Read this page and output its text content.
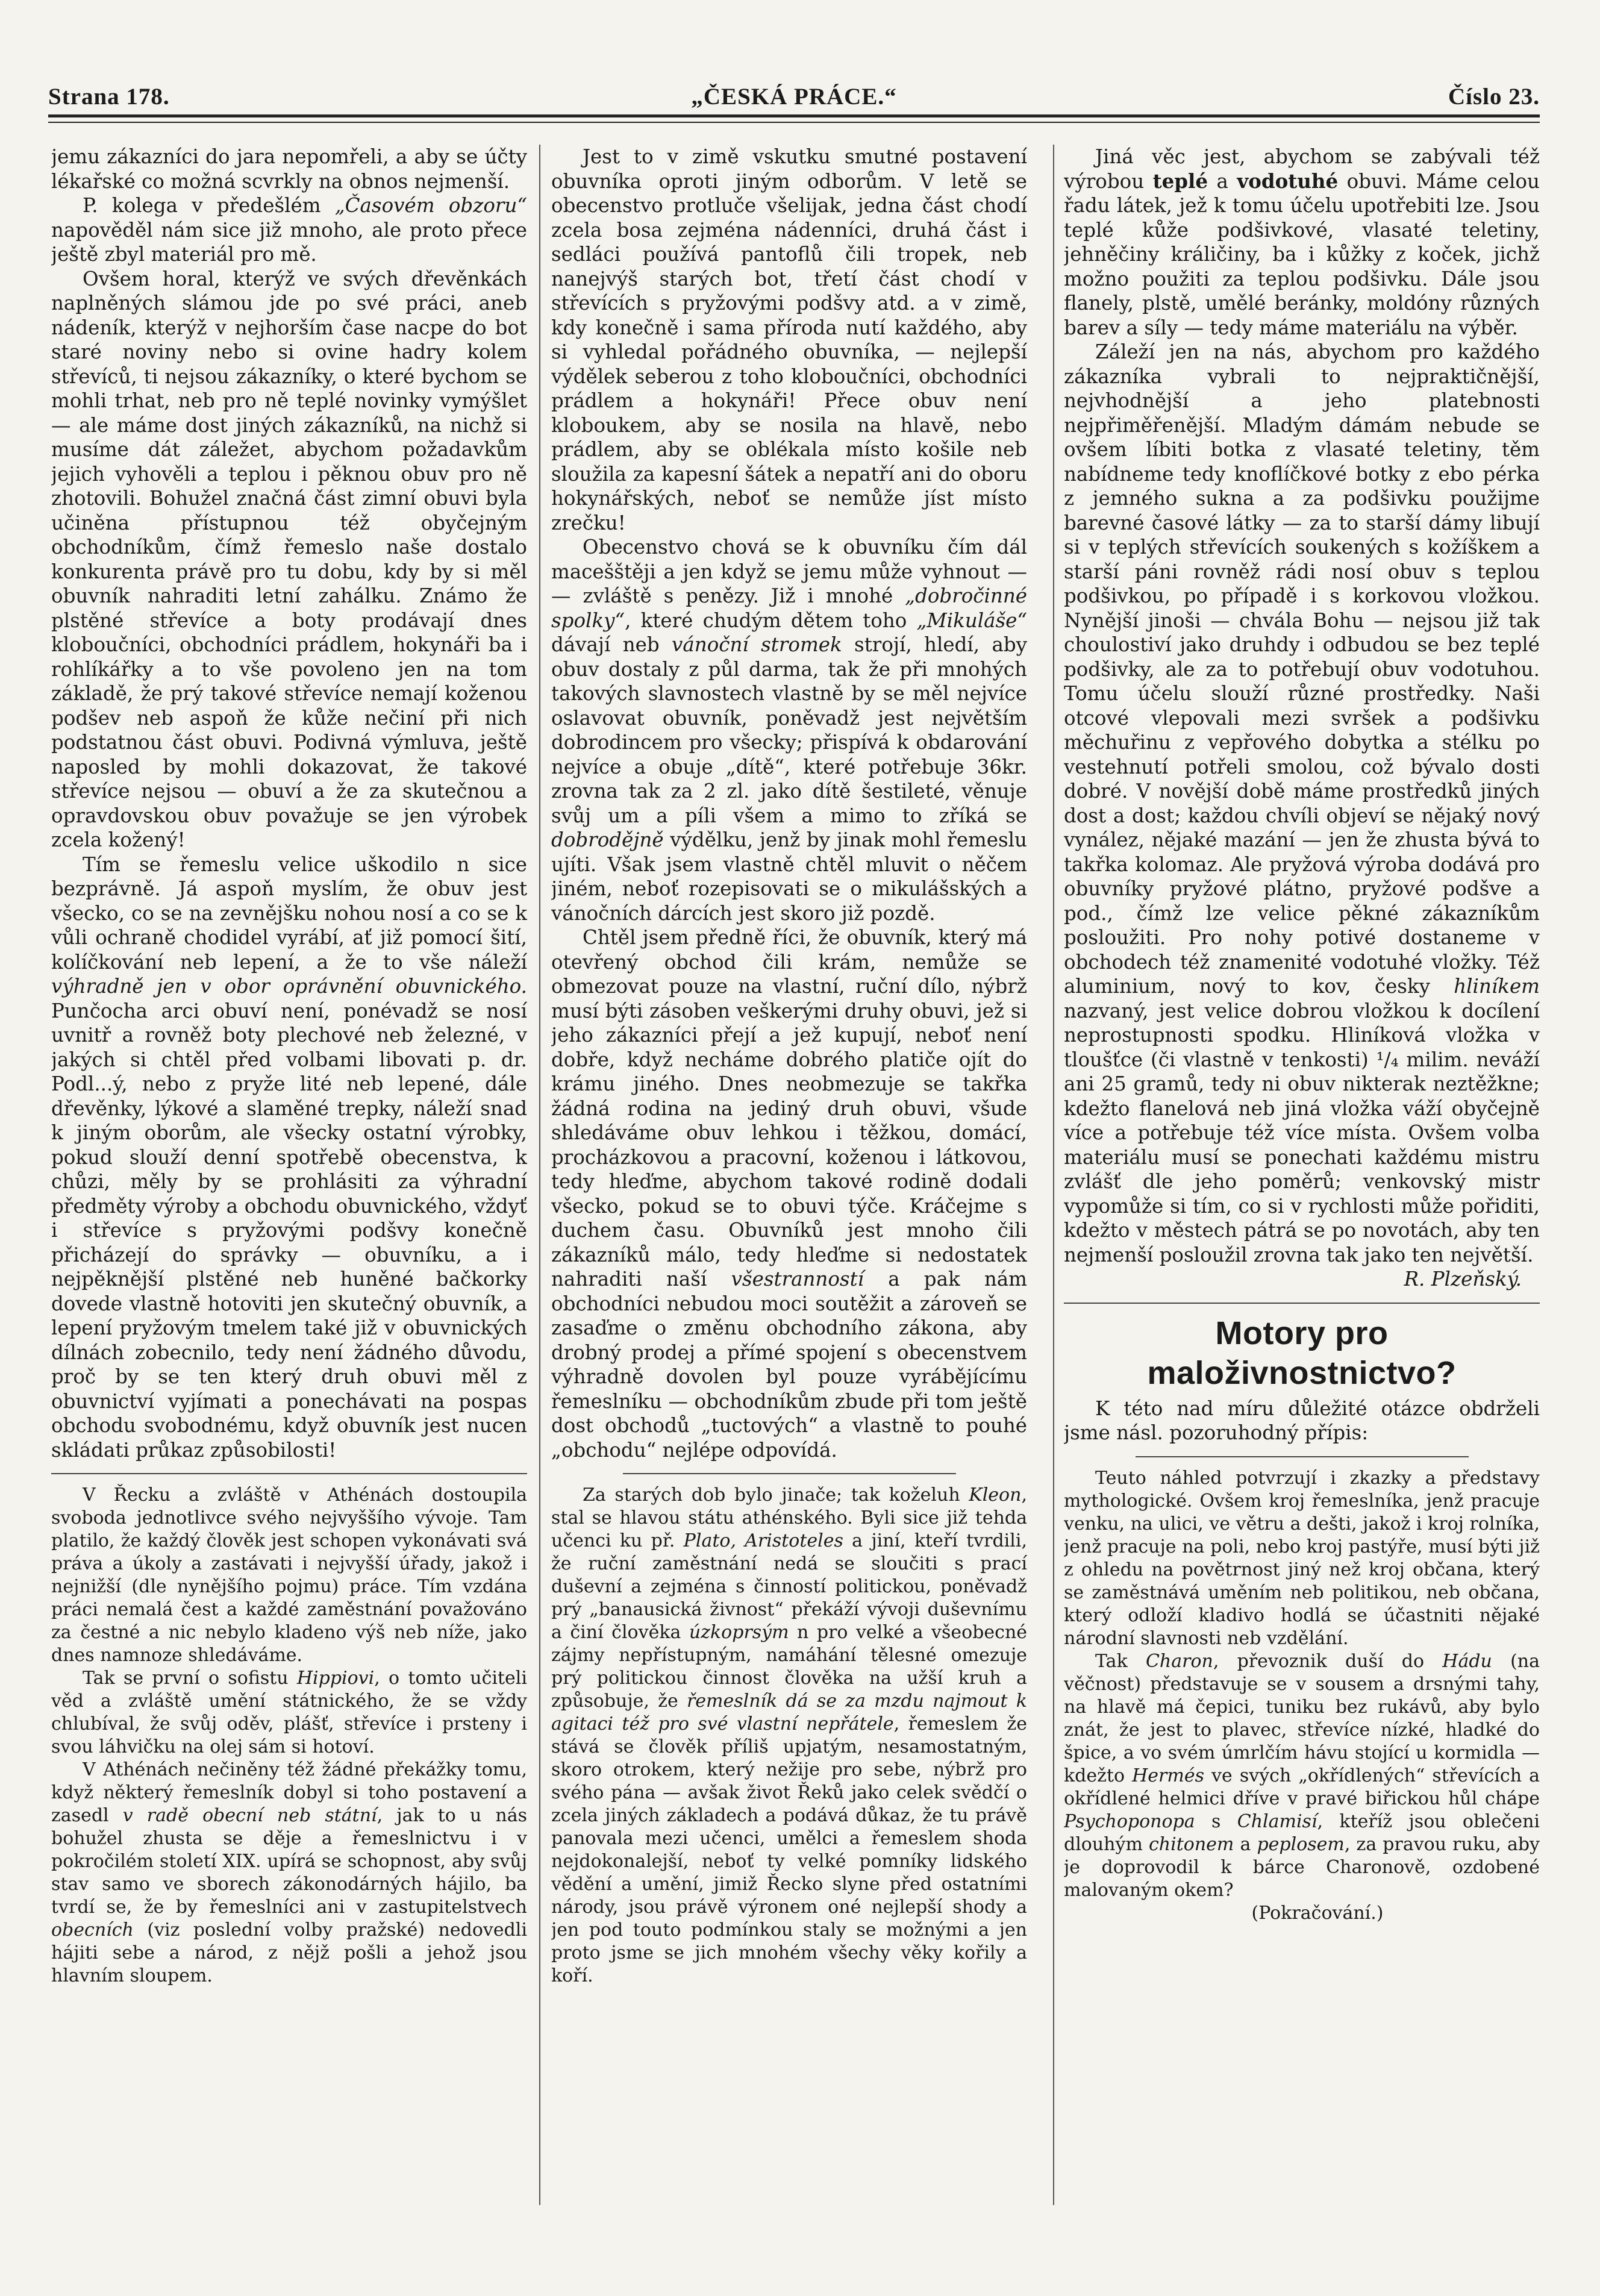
Strana 178.	„ČESKÁ PRÁCE.“	Číslo 23.

jemu zákazníci do jara nepomřeli, a aby se účty lékařské co možná scvrkly na obnos nejmenší.

P. kolega v předešlém „Časovém obzoru“ napověděl nám sice již mnoho, ale proto přece ještě zbyl materiál pro mě.

Ovšem horal, kterýž ve svých dřevěnkách naplněných slámou jde po své práci, aneb nádeník, kterýž v nejhorším čase nacpe do bot staré noviny nebo si ovine hadry kolem střevíců, ti nejsou zákazníky, o které bychom se mohli trhat, neb pro ně teplé novinky vymýšlet — ale máme dost jiných zákazníků, na nichž si musíme dát záležet, abychom požadavkům jejich vyhověli a teplou i pěknou obuv pro ně zhotovili. Bohužel značná část zimní obuvi byla učiněna přístupnou též obyčejným obchodníkům, čímž řemeslo naše dostalo konkurenta právě pro tu dobu, kdy by si měl obuvník nahraditi letní zahálku. Známo že plstěné střevíce a boty prodávají dnes kloboučníci, obchodníci prádlem, hokynáři ba i rohlíkářky a to vše povoleno jen na tom základě, že prý takové střevíce nemají koženou podšev neb aspoň že kůže nečiní při nich podstatnou část obuvi. Podivná výmluva, ještě naposled by mohli dokazovat, že takové střevíce nejsou — obuví a že za skutečnou a opravdovskou obuv považuje se jen výrobek zcela kožený!

Tím se řemeslu velice uškodilo n sice bezprávně. Já aspoň myslím, že obuv jest všecko, co se na zevnějšku nohou nosí a co se k vůli ochraně chodidel vyrábí, ať již pomocí šití, kolíčkování neb lepení, a že to vše náleží výhradně jen v obor oprávnění obuvnického. Punčocha arci obuví není, ponévadž se nosí uvnitř a rovněž boty plechové neb železné, v jakých si chtěl před volbami libovati p. dr. Podl...ý, nebo z pryže lité neb lepené, dále dřevěnky, lýkové a slaměné trepky, náleží snad k jiným oborům, ale všecky ostatní výrobky, pokud slouží denní spotřebě obecenstva, k chůzi, měly by se prohlásiti za výhradní předměty výroby a obchodu obuvnického, vždyť i střevíce s pryžovými podšvy konečně přicházejí do správky — obuvníku, a i nejpěknější plstěné neb huněné bačkorky dovede vlastně hotoviti jen skutečný obuvník, a lepení pryžovým tmelem také již v obuvnických dílnách zobecnilo, tedy není žádného důvodu, proč by se ten který druh obuvi měl z obuvnictví vyjímati a ponechávati na pospas obchodu svobodnému, když obuvník jest nucen skládati průkaz způsobilosti!

V Řecku a zvláště v Athénách dostoupila svoboda jednotlivce svého nejvyššího vývoje. Tam platilo, že každý člověk jest schopen vykonávati svá práva a úkoly a zastávati i nejvyšší úřady, jakož i nejnižší (dle nynějšího pojmu) práce. Tím vzdána práci nemalá čest a každé zaměstnání považováno za čestné a nic nebylo kladeno výš neb níže, jako dnes namnoze shledáváme.

Tak se první o sofistu Hippiovi, o tomto učiteli věd a zvláště umění státnického, že se vždy chlubíval, že svůj oděv, plášť, střevíce i prsteny i svou láhvičku na olej sám si hotoví.

V Athénách nečiněny též žádné překážky tomu, když některý řemeslník dobyl si toho postavení a zasedl v radě obecní neb státní, jak to u nás bohužel zhusta se děje a řemeslnictvu i v pokročilém století XIX. upírá se schopnost, aby svůj stav samo ve sborech zákonodárných hájilo, ba tvrdí se, že by řemeslníci ani v zastupitelstvech obecních (viz poslední volby pražské) nedovedli hájiti sebe a národ, z nějž pošli a jehož jsou hlavním sloupem.

Jest to v zimě vskutku smutné postavení obuvníka oproti jiným odborům. V letě se obecenstvo protluče všelijak, jedna část chodí zcela bosa zejména nádenníci, druhá část i sedláci používá pantoflů čili tropek, neb nanejvýš starých bot, třetí část chodí v střevících s pryžovými podšvy atd. a v zimě, kdy konečně i sama příroda nutí každého, aby si vyhledal pořádného obuvníka, — nejlepší výdělek seberou z toho kloboučníci, obchodníci prádlem a hokynáři! Přece obuv není kloboukem, aby se nosila na hlavě, nebo prádlem, aby se oblékala místo košile neb sloužila za kapesní šátek a nepatří ani do oboru hokynářských, neboť se nemůže jíst místo zrečku!

Obecenstvo chová se k obuvníku čím dál macešštěji a jen když se jemu může vyhnout — — zvláště s penězy. Již i mnohé „dobročinné spolky“, které chudým dětem toho „Mikuláše“ dávají neb vánoční stromek strojí, hledí, aby obuv dostaly z půl darma, tak že při mnohých takových slavnostech vlastně by se měl nejvíce oslavovat obuvník, poněvadž jest největším dobrodincem pro všecky; přispívá k obdarování nejvíce a obuje „dítě“, které potřebuje 36kr. zrovna tak za 2 zl. jako dítě šestileté, věnuje svůj um a píli všem a mimo to zříká se dobrodějně výdělku, jenž by jinak mohl řemeslu ujíti. Však jsem vlastně chtěl mluvit o něčem jiném, neboť rozepisovati se o mikulášských a vánočních dárcích jest skoro již pozdě.

Chtěl jsem předně říci, že obuvník, který má otevřený obchod čili krám, nemůže se obmezovat pouze na vlastní, ruční dílo, nýbrž musí býti zásoben veškerými druhy obuvi, jež si jeho zákazníci přejí a jež kupují, neboť není dobře, když necháme dobrého platiče ojít do krámu jiného. Dnes neobmezuje se takřka žádná rodina na jediný druh obuvi, všude shledáváme obuv lehkou i těžkou, domácí, procházkovou a pracovní, koženou i látkovou, tedy hleďme, abychom takové rodině dodali všecko, pokud se to obuvi týče. Kráčejme s duchem času. Obuvníků jest mnoho čili zákazníků málo, tedy hleďme si nedostatek nahraditi naší všestranností a pak nám obchodníci nebudou moci soutěžit a zároveň se zasaďme o změnu obchodního zákona, aby drobný prodej a přímé spojení s obecenstvem výhradně dovolen byl pouze vyrábějícímu řemeslníku — obchodníkům zbude při tom ještě dost obchodů „tuctových“ a vlastně to pouhé „obchodu“ nejlépe odpovídá.

Za starých dob bylo jinače; tak koželuh Kleon, stal se hlavou státu athénského. Byli sice již tehda učenci ku př. Plato, Aristoteles a jiní, kteří tvrdili, že ruční zaměstnání nedá se sloučiti s prací duševní a zejména s činností politickou, poněvadž prý „banausická živnost“ překáží vývoji duševnímu a činí člověka úzkoprsým n pro velké a všeobecné zájmy nepřístupným, namáhání tělesné omezuje prý politickou činnost člověka na užší kruh a způsobuje, že řemeslník dá se za mzdu najmout k agitaci též pro své vlastní nepřátele, řemeslem že stává se člověk příliš upjatým, nesamostatným, skoro otrokem, který nežije pro sebe, nýbrž pro svého pána — avšak život Řeků jako celek svědčí o zcela jiných základech a podává důkaz, že tu právě panovala mezi učenci, umělci a řemeslem shoda nejdokonalejší, neboť ty velké pomníky lidského vědění a umění, jimiž Řecko slyne před ostatními národy, jsou právě výronem oné nejlepší shody a jen pod touto podmínkou staly se možnými a jen proto jsme se jich mnohém všechy věky kořily a koří.

Jiná věc jest, abychom se zabývali též výrobou teplé a vodotuhé obuvi. Máme celou řadu látek, jež k tomu účelu upotřebiti lze. Jsou teplé kůže podšivkové, vlasaté teletiny, jehněčiny králičiny, ba i kůžky z koček, jichž možno použiti za teplou podšivku. Dále jsou flanely, plstě, umělé beránky, moldóny různých barev a síly — tedy máme materiálu na výběr.

Záleží jen na nás, abychom pro každého zákazníka vybrali to nejpraktičnější, nejvhodnější a jeho platebnosti nejpřiměřenější. Mladým dámám nebude se ovšem líbiti botka z vlasaté teletiny, těm nabídneme tedy knoflíčkové botky z ebo pérka z jemného sukna a za podšivku použijme barevné časové látky — za to starší dámy libují si v teplých střevících soukených s kožíškem a starší páni rovněž rádi nosí obuv s teplou podšivkou, po případě i s korkovou vložkou. Nynější jinoši — chvála Bohu — nejsou již tak choulostiví jako druhdy i odbudou se bez teplé podšivky, ale za to potřebují obuv vodotuhou. Tomu účelu slouží různé prostředky. Naši otcové vlepovali mezi svršek a podšivku měchuřinu z vepřového dobytka a stélku po vestehnutí potřeli smolou, což bývalo dosti dobré. V novější době máme prostředků jiných dost a dost; každou chvíli objeví se nějaký nový vynález, nějaké mazání — jen že zhusta bývá to takřka kolomaz. Ale pryžová výroba dodává pro obuvníky pryžové plátno, pryžové podšve a pod., čímž lze velice pěkné zákazníkům posloužiti. Pro nohy potivé dostaneme v obchodech též znamenité vodotuhé vložky. Též aluminium, nový to kov, česky hliníkem nazvaný, jest velice dobrou vložkou k docílení neprostupnosti spodku. Hliníková vložka v tloušťce (či vlastně v tenkosti) ¹/₄ milim. neváží ani 25 gramů, tedy ni obuv nikterak neztěžkne; kdežto flanelová neb jiná vložka váží obyčejně více a potřebuje též více místa. Ovšem volba materiálu musí se ponechati každému mistru zvlášť dle jeho poměrů; venkovský mistr vypomůže si tím, co si v rychlosti může pořiditi, kdežto v městech pátrá se po novotách, aby ten nejmenší posloužil zrovna tak jako ten největší.

R. Plzeňský.

Motory pro maloživnostnictvo?

K této nad míru důležité otázce obdrželi jsme násl. pozoruhodný přípis:

Teuto náhled potvrzují i zkazky a představy mythologické. Ovšem kroj řemeslníka, jenž pracuje venku, na ulici, ve větru a dešti, jakož i kroj rolníka, jenž pracuje na poli, nebo kroj pastýře, musí býti již z ohledu na povětrnost jiný než kroj občana, který se zaměstnává uměním neb politikou, neb občana, který odloží kladivo hodlá se účastniti nějaké národní slavnosti neb vzdělání.

Tak Charon, převoznik duší do Hádu (na věčnost) představuje se v sousem a drsnými tahy, na hlavě má čepici, tuniku bez rukávů, aby bylo znát, že jest to plavec, střevíce nízké, hladké do špice, a vo svém úmrlčím hávu stojící u kormidla — kdežto Hermés ve svých „okřídlených“ střevících a okřídlené helmici dříve v pravé biřickou hůl chápe Psychoponopa s Chlamisí, kteříž jsou oblečeni dlouhým chitonem a peplosem, za pravou ruku, aby je doprovodil k bárce Charonově, ozdobené malovaným okem?

(Pokračování.)
